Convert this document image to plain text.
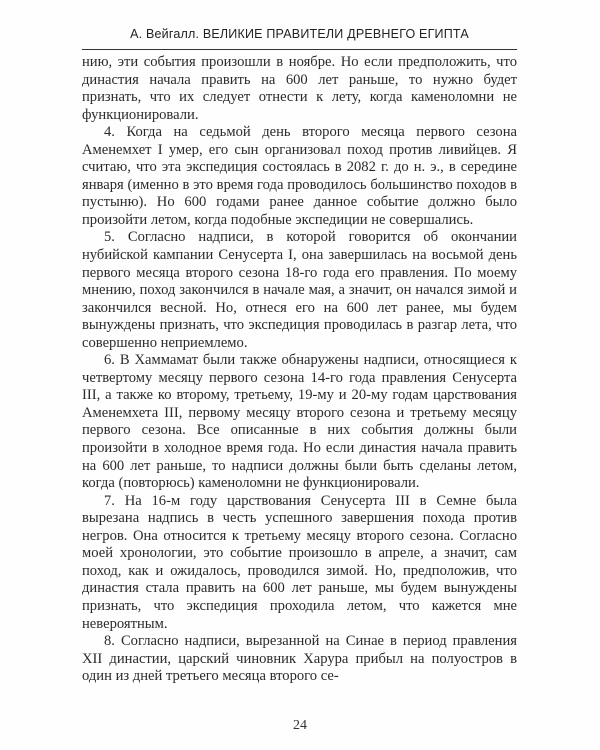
А. Вейгалл. ВЕЛИКИЕ ПРАВИТЕЛИ ДРЕВНЕГО ЕГИПТА

нию, эти события произошли в ноябре. Но если предположить, что династия начала править на 600 лет раньше, то нужно будет признать, что их следует отнести к лету, когда каменоломни не функционировали.

4. Когда на седьмой день второго месяца первого сезона Аменемхет I умер, его сын организовал поход против ливийцев. Я считаю, что эта экспедиция состоялась в 2082 г. до н. э., в середине января (именно в это время года проводилось большинство походов в пустыню). Но 600 годами ранее данное событие должно было произойти летом, когда подобные экспедиции не совершались.

5. Согласно надписи, в которой говорится об окончании нубийской кампании Сенусерта I, она завершилась на восьмой день первого месяца второго сезона 18-го года его правления. По моему мнению, поход закончился в начале мая, а значит, он начался зимой и закончился весной. Но, отнеся его на 600 лет ранее, мы будем вынуждены признать, что экспедиция проводилась в разгар лета, что совершенно неприемлемо.

6. В Хаммамат были также обнаружены надписи, относящиеся к четвертому месяцу первого сезона 14-го года правления Сенусерта III, а также ко второму, третьему, 19-му и 20-му годам царствования Аменемхета III, первому месяцу второго сезона и третьему месяцу первого сезона. Все описанные в них события должны были произойти в холодное время года. Но если династия начала править на 600 лет раньше, то надписи должны были быть сделаны летом, когда (повторюсь) каменоломни не функционировали.

7. На 16-м году царствования Сенусерта III в Семне была вырезана надпись в честь успешного завершения похода против негров. Она относится к третьему месяцу второго сезона. Согласно моей хронологии, это событие произошло в апреле, а значит, сам поход, как и ожидалось, проводился зимой. Но, предположив, что династия стала править на 600 лет раньше, мы будем вынуждены признать, что экспедиция проходила летом, что кажется мне невероятным.

8. Согласно надписи, вырезанной на Синае в период правления XII династии, царский чиновник Харура прибыл на полуостров в один из дней третьего месяца второго се-

24
